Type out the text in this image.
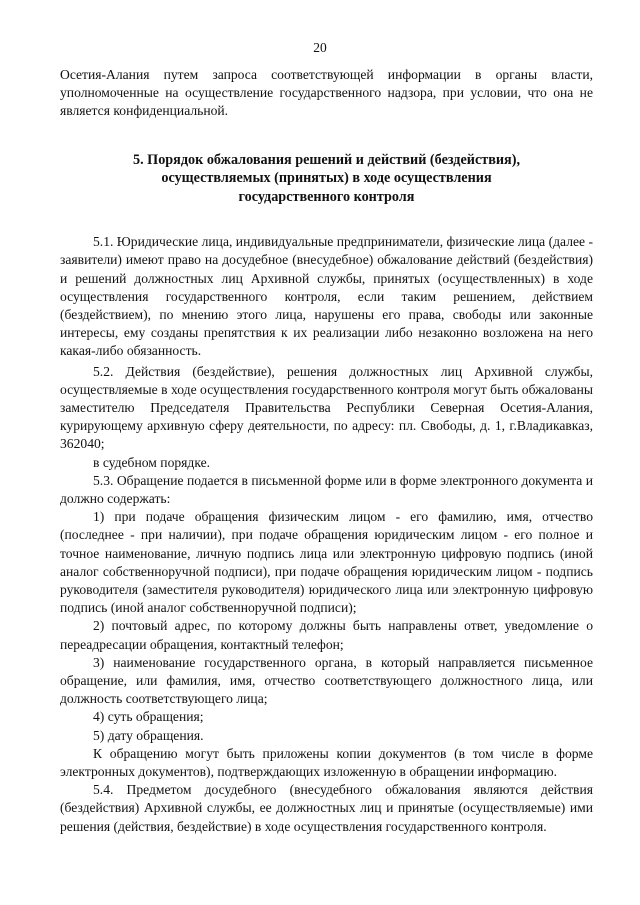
20

Осетия-Алания путем запроса соответствующей информации в органы власти, уполномоченные на осуществление государственного надзора, при условии, что она не является конфиденциальной.

5. Порядок обжалования решений и действий (бездействия),
осуществляемых (принятых) в ходе осуществления
государственного контроля

5.1. Юридические лица, индивидуальные предприниматели, физические лица (далее - заявители) имеют право на досудебное (внесудебное) обжалование действий (бездействия) и решений должностных лиц Архивной службы, принятых (осуществленных) в ходе осуществления государственного контроля, если таким решением, действием (бездействием), по мнению этого лица, нарушены его права, свободы или законные интересы, ему созданы препятствия к их реализации либо незаконно возложена на него какая-либо обязанность.

5.2. Действия (бездействие), решения должностных лиц Архивной службы, осуществляемые в ходе осуществления государственного контроля могут быть обжалованы заместителю Председателя Правительства Республики Северная Осетия-Алания, курирующему архивную сферу деятельности, по адресу: пл. Свободы, д. 1, г.Владикавказ, 362040;

в судебном порядке.

5.3. Обращение подается в письменной форме или в форме электронного документа и должно содержать:

1) при подаче обращения физическим лицом - его фамилию, имя, отчество (последнее - при наличии), при подаче обращения юридическим лицом - его полное и точное наименование, личную подпись лица или электронную цифровую подпись (иной аналог собственноручной подписи), при подаче обращения юридическим лицом - подпись руководителя (заместителя руководителя) юридического лица или электронную цифровую подпись (иной аналог собственноручной подписи);

2) почтовый адрес, по которому должны быть направлены ответ, уведомление о переадресации обращения, контактный телефон;

3) наименование государственного органа, в который направляется письменное обращение, или фамилия, имя, отчество соответствующего должностного лица, или должность соответствующего лица;

4) суть обращения;

5) дату обращения.

К обращению могут быть приложены копии документов (в том числе в форме электронных документов), подтверждающих изложенную в обращении информацию.

5.4. Предметом досудебного (внесудебного обжалования являются действия (бездействия) Архивной службы, ее должностных лиц и принятые (осуществляемые) ими решения (действия, бездействие) в ходе осуществления государственного контроля.
